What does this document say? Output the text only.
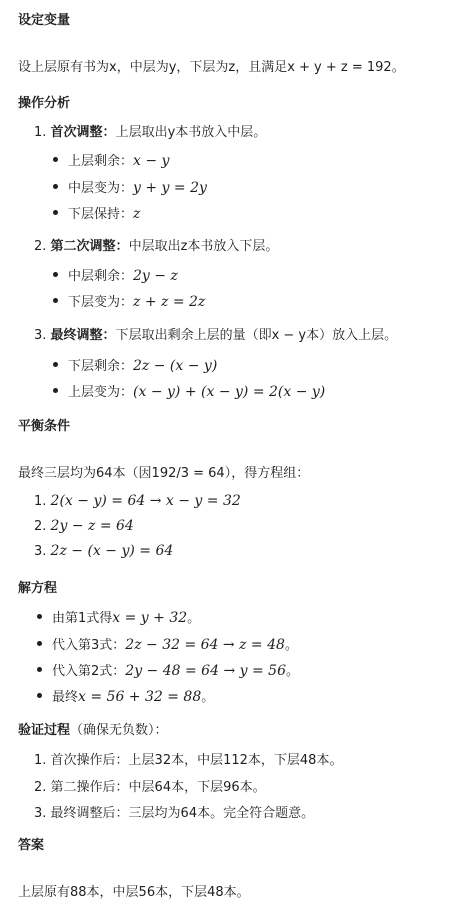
设定变量
设上层原有书为x，中层为y，下层为z，且满足x + y + z = 192。
操作分析
1. 首次调整：上层取出y本书放入中层。
上层剩余：x − y
中层变为：y + y = 2y
下层保持：z
2. 第二次调整：中层取出z本书放入下层。
中层剩余：2y − z
下层变为：z + z = 2z
3. 最终调整：下层取出剩余上层的量（即x − y本）放入上层。
下层剩余：2z − (x − y)
上层变为：(x − y) + (x − y) = 2(x − y)
平衡条件
最终三层均为64本（因192/3 = 64），得方程组：
1. 2(x − y) = 64 → x − y = 32
2. 2y − z = 64
3. 2z − (x − y) = 64
解方程
由第1式得x = y + 32。
代入第3式：2z − 32 = 64 → z = 48。
代入第2式：2y − 48 = 64 → y = 56。
最终x = 56 + 32 = 88。
验证过程（确保无负数）：
1. 首次操作后：上层32本，中层112本，下层48本。
2. 第二操作后：中层64本，下层96本。
3. 最终调整后：三层均为64本。完全符合题意。
答案
上层原有88本，中层56本，下层48本。
